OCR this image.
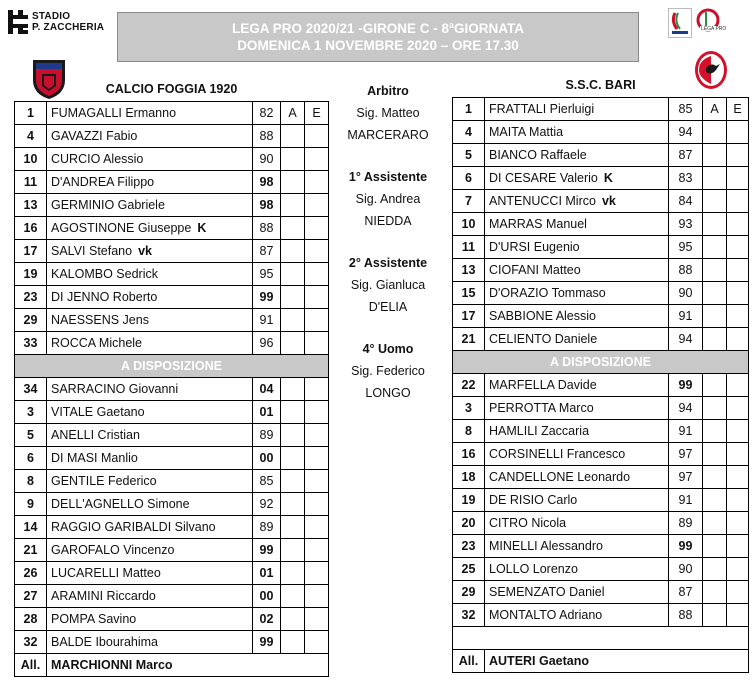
STADIO
P. ZACCHERIA	LEGA PRO 2020/21 -GIRONE C - 8ªGIORNATA
DOMENICA 1 NOVEMBRE 2020 – ORE 17.30
LEGA PRO
CALCIO FOGGIA 1920				
1	FUMAGALLI Ermanno	82	A	E
4	GAVAZZI Fabio	88		
10	CURCIO Alessio	90		
11	D'ANDREA Filippo	98		
13	GERMINIO Gabriele	98		
16	AGOSTINONE Giuseppe K	88		
17	SALVI Stefano vk	87		
19	KALOMBO Sedrick	95		
23	DI JENNO Roberto	99		
29	NAESSENS Jens	91		
33	ROCCA Michele	96		
A DISPOSIZIONE				
34	SARRACINO Giovanni	04		
3	VITALE Gaetano	01		
5	ANELLI Cristian	89		
6	DI MASI Manlio	00		
8	GENTILE Federico	85		
9	DELL'AGNELLO Simone	92		
14	RAGGIO GARIBALDI Silvano	89		
21	GAROFALO Vincenzo	99		
26	LUCARELLI Matteo	01		
27	ARAMINI Riccardo	00		
28	POMPA Savino	02		
32	BALDE Ibourahima	99		
All.	MARCHIONNI Marco			
Arbitro
Sig. Matteo
MARCERARO
1° Assistente
Sig. Andrea
NIEDDA
2° Assistente
Sig. Gianluca
D'ELIA
4° Uomo
Sig. Federico
LONGO
S.S.C. BARI				
1	FRATTALI Pierluigi	85	A	E
4	MAITA Mattia	94		
5	BIANCO Raffaele	87		
6	DI CESARE Valerio K	83		
7	ANTENUCCI Mirco vk	84		
10	MARRAS Manuel	93		
11	D'URSI Eugenio	95		
13	CIOFANI Matteo	88		
15	D'ORAZIO Tommaso	90		
17	SABBIONE Alessio	91		
21	CELIENTO Daniele	94		
A DISPOSIZIONE				
22	MARFELLA Davide	99		
3	PERROTTA Marco	94		
8	HAMLILI Zaccaria	91		
16	CORSINELLI Francesco	97		
18	CANDELLONE Leonardo	97		
19	DE RISIO Carlo	91		
20	CITRO Nicola	89		
23	MINELLI Alessandro	99		
25	LOLLO Lorenzo	90		
29	SEMENZATO Daniel	87		
32	MONTALTO Adriano	88		

All.	AUTERI Gaetano			
